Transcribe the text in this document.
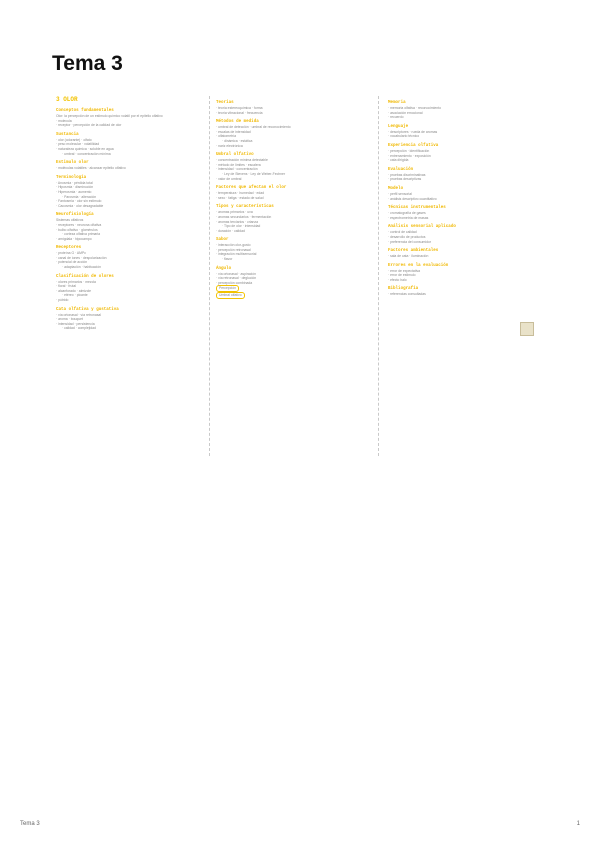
Tema 3
3 OLOR
Conceptos fundamentales
Olor: la percepción de un estimulo químico volatil por el epitelio olfativo
· molecula
· receptor · percepción de la calidad de olor
Sustancia
· olor (odorante) · olfato
· peso molecular · volatilidad
· naturaleza química · soluble en agua
· umbral · concentración mínima
Estimulo olor
· moléculas volatiles · alcanzar epitelio olfativo
Terminología
· Anosmia · pérdida total
· Hiposmia · disminución
· Hiperosmia · aumento
· Parosmia · alteración
· Fantosmia · olor sin estimulo
· Cacosmia · olor desagradable
Neurofisiología
Sistemas olfativos
· receptores · neurona olfativa
· bulbo olfativo · glomérulos
· corteza olfativa primaria
· amígdala · hipocampo
Receptores
· proteína G · AMPc
· canal de iones · despolarización
· potencial de acción
· adaptación · habituación
Clasificación de olores
· olores primarios · mezcla
· floral · frutal
· alcanforado · almizcle
· etéreo · picante
· pútrido
Cata olfativa y gustativa
· vía ortonasal · vía retronasal
· aroma · bouquet
· intensidad · persistencia
· calidad · complejidad
Teorías
· teoría estereoquímica · forma
· teoría vibracional · frecuencia
Métodos de medida
· umbral de detección · umbral de reconocimiento
· escalas de intensidad
· olfatometría
· dinámica · estática
· nariz electrónica
Umbral olfativo
· concentración mínima detectable
· método de límites · escalera
· intensidad · concentración
· Ley de Stevens · Ley de Weber-Fechner
· valor de umbral
Factores que afectan el olor
· temperatura · humedad · edad
· sexo · fatiga · estado de salud
Tipos y características
· aromas primarios · uva
· aromas secundarios · fermentación
· aromas terciarios · crianza
· Tipo de olor · intensidad
· duración · calidad
Sabor
· interacción olor-gusto
· percepción retronasal
· integración multisensorial
· flavor
Ángulo
· vía ortonasal · aspiración
· vía retronasal · deglución
· percepción combinada
Percepción
Umbral olfativo
Memoria
· memoria olfativa · reconocimiento
· asociación emocional
· recuerdo
Lenguaje
· descriptores · rueda de aromas
· vocabulario técnico
Experiencia olfativa
· percepción · identificación
· entrenamiento · exposición
· cata dirigida
Evaluación
· pruebas discriminativas
· pruebas descriptivas
Modelo
· perfil sensorial
· análisis descriptivo cuantitativo
Técnicas instrumentales
· cromatografía de gases
· espectrometría de masas
Análisis sensorial aplicado
· control de calidad
· desarrollo de productos
· preferencia del consumidor
Factores ambientales
· sala de cata · iluminación
Errores en la evaluación
· error de expectativa
· error de estimulo
· efecto halo
Bibliografía
· referencias consultadas
Tema 3	1
